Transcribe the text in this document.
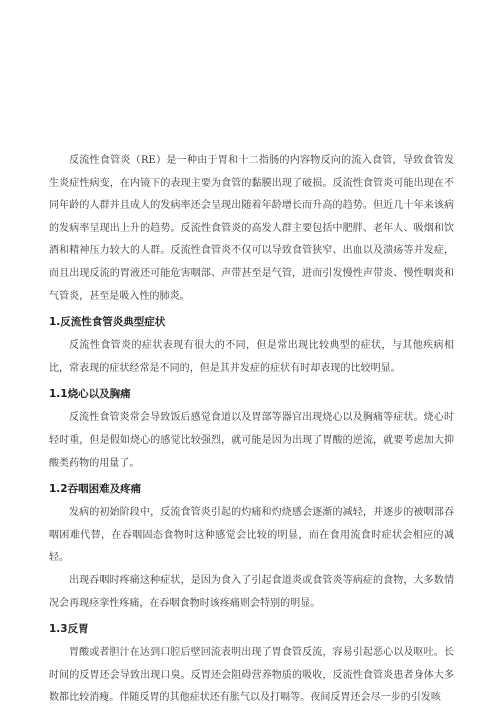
反流性食管炎（RE）是一种由于胃和十二指肠的内容物反向的流入食管，导致食管发生炎症性病变，在内镜下的表现主要为食管的黏膜出现了破损。反流性食管炎可能出现在不同年龄的人群并且成人的发病率还会呈现出随着年龄增长而升高的趋势。但近几十年来该病的发病率呈现出上升的趋势。反流性食管炎的高发人群主要包括中肥胖、老年人、吸烟和饮酒和精神压力较大的人群。反流性食管炎不仅可以导致食管狭窄、出血以及溃疡等并发症，而且出现反流的胃液还可能危害咽部、声带甚至是气管，进而引发慢性声带炎、慢性咽炎和气管炎，甚至是吸入性的肺炎。

1.反流性食管炎典型症状

反流性食管炎的症状表现有很大的不同，但是常出现比较典型的症状，与其他疾病相比，常表现的症状经常是不同的，但是其并发症的症状有时却表现的比较明显。

1.1烧心以及胸痛

反流性食管炎常会导致饭后感觉食道以及胃部等器官出现烧心以及胸痛等症状。烧心时轻时重，但是假如烧心的感觉比较强烈，就可能是因为出现了胃酸的逆流，就要考虑加大抑酸类药物的用量了。

1.2吞咽困难及疼痛

发病的初始阶段中，反流食管炎引起的灼痛和灼烧感会逐渐的减轻，并逐步的被咽部吞咽困难代替，在吞咽固态食物时这种感觉会比较的明显，而在食用流食时症状会相应的减轻。

出现吞咽时疼痛这种症状，是因为食入了引起食道炎或食管炎等病症的食物，大多数情况会再现痉挛性疼痛，在吞咽食物时该疼痛则会特别的明显。

1.3反胃

胃酸或者胆汁在达到口腔后壁回流表明出现了胃食管反流，容易引起恶心以及呕吐。长时间的反胃还会导致出现口臭。反胃还会阻碍营养物质的吸收，反流性食管炎患者身体大多数都比较消瘦。伴随反胃的其他症状还有胀气以及打嗝等。夜间反胃还会尽一步的引发咳
